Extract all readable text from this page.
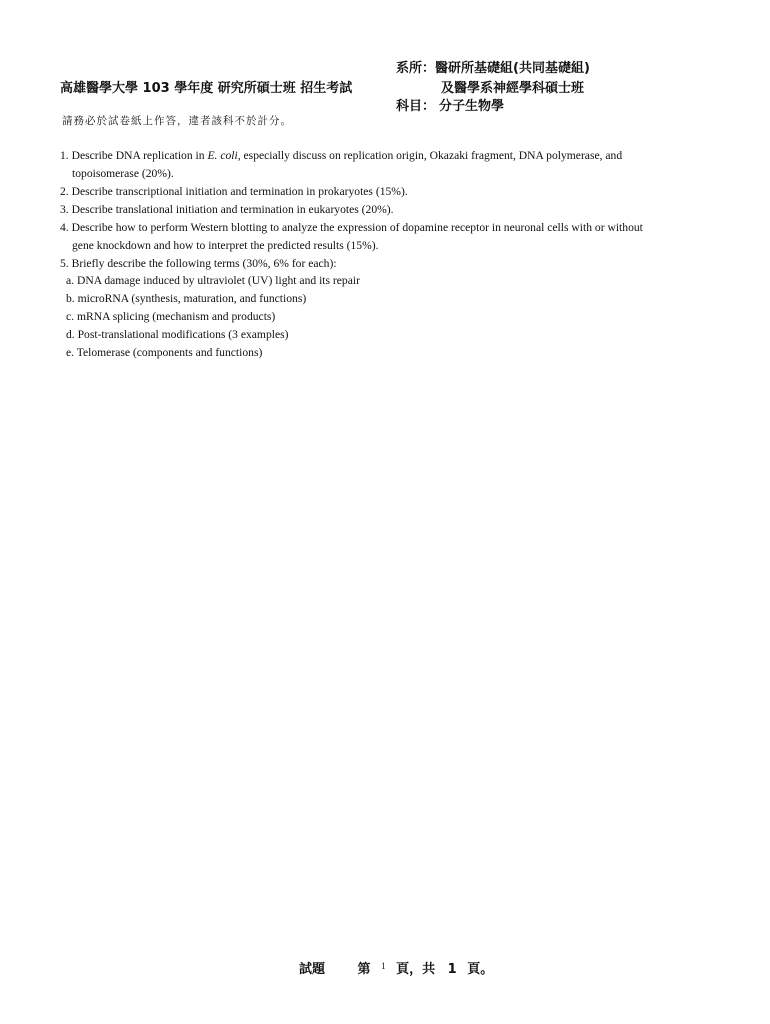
系所：醫研所基礎組(共同基礎組)
高雄醫學大學 103 學年度 研究所碩士班 招生考試	及醫學系神經學科碩士班
科目： 分子生物學
請務必於試卷紙上作答，違者該科不於計分。
1. Describe DNA replication in E. coli, especially discuss on replication origin, Okazaki fragment, DNA polymerase, and
topoisomerase (20%).
2. Describe transcriptional initiation and termination in prokaryotes (15%).
3. Describe translational initiation and termination in eukaryotes (20%).
4. Describe how to perform Western blotting to analyze the expression of dopamine receptor in neuronal cells with or without
gene knockdown and how to interpret the predicted results (15%).
5. Briefly describe the following terms (30%, 6% for each):
a. DNA damage induced by ultraviolet (UV) light and its repair
b. microRNA (synthesis, maturation, and functions)
c. mRNA splicing (mechanism and products)
d. Post-translational modifications (3 examples)
e. Telomerase (components and functions)
試題	第 $^1$ 頁，共 1 頁。
